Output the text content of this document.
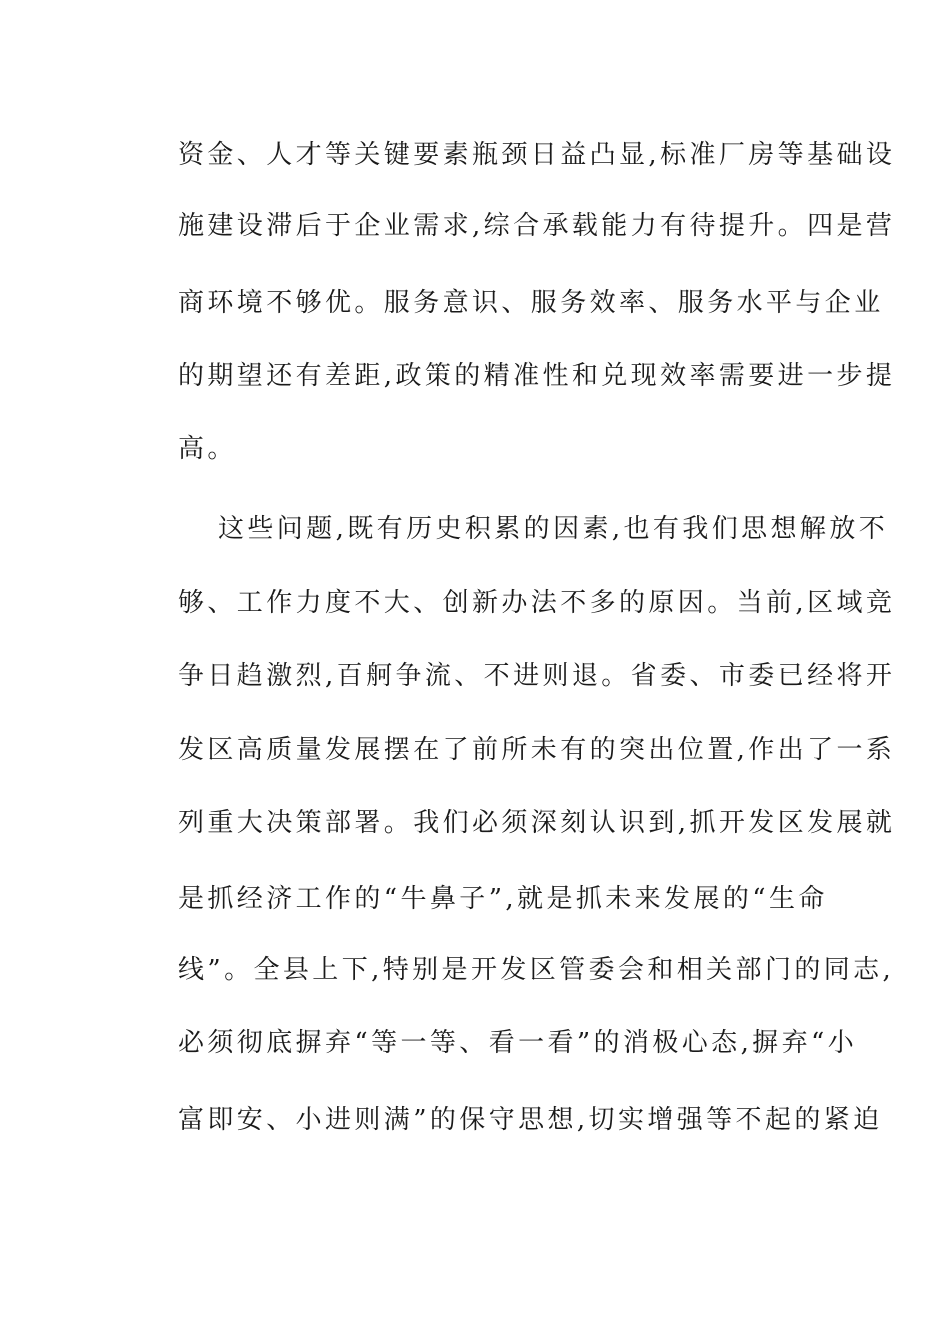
资金、人才等关键要素瓶颈日益凸显,标准厂房等基础设
施建设滞后于企业需求,综合承载能力有待提升。四是营
商环境不够优。服务意识、服务效率、服务水平与企业
的期望还有差距,政策的精准性和兑现效率需要进一步提
高。
这些问题,既有历史积累的因素,也有我们思想解放不
够、工作力度不大、创新办法不多的原因。当前,区域竞
争日趋激烈,百舸争流、不进则退。省委、市委已经将开
发区高质量发展摆在了前所未有的突出位置,作出了一系
列重大决策部署。我们必须深刻认识到,抓开发区发展就
是抓经济工作的“牛鼻子”,就是抓未来发展的“生命
线”。全县上下,特别是开发区管委会和相关部门的同志,
必须彻底摒弃“等一等、看一看”的消极心态,摒弃“小
富即安、小进则满”的保守思想,切实增强等不起的紧迫
